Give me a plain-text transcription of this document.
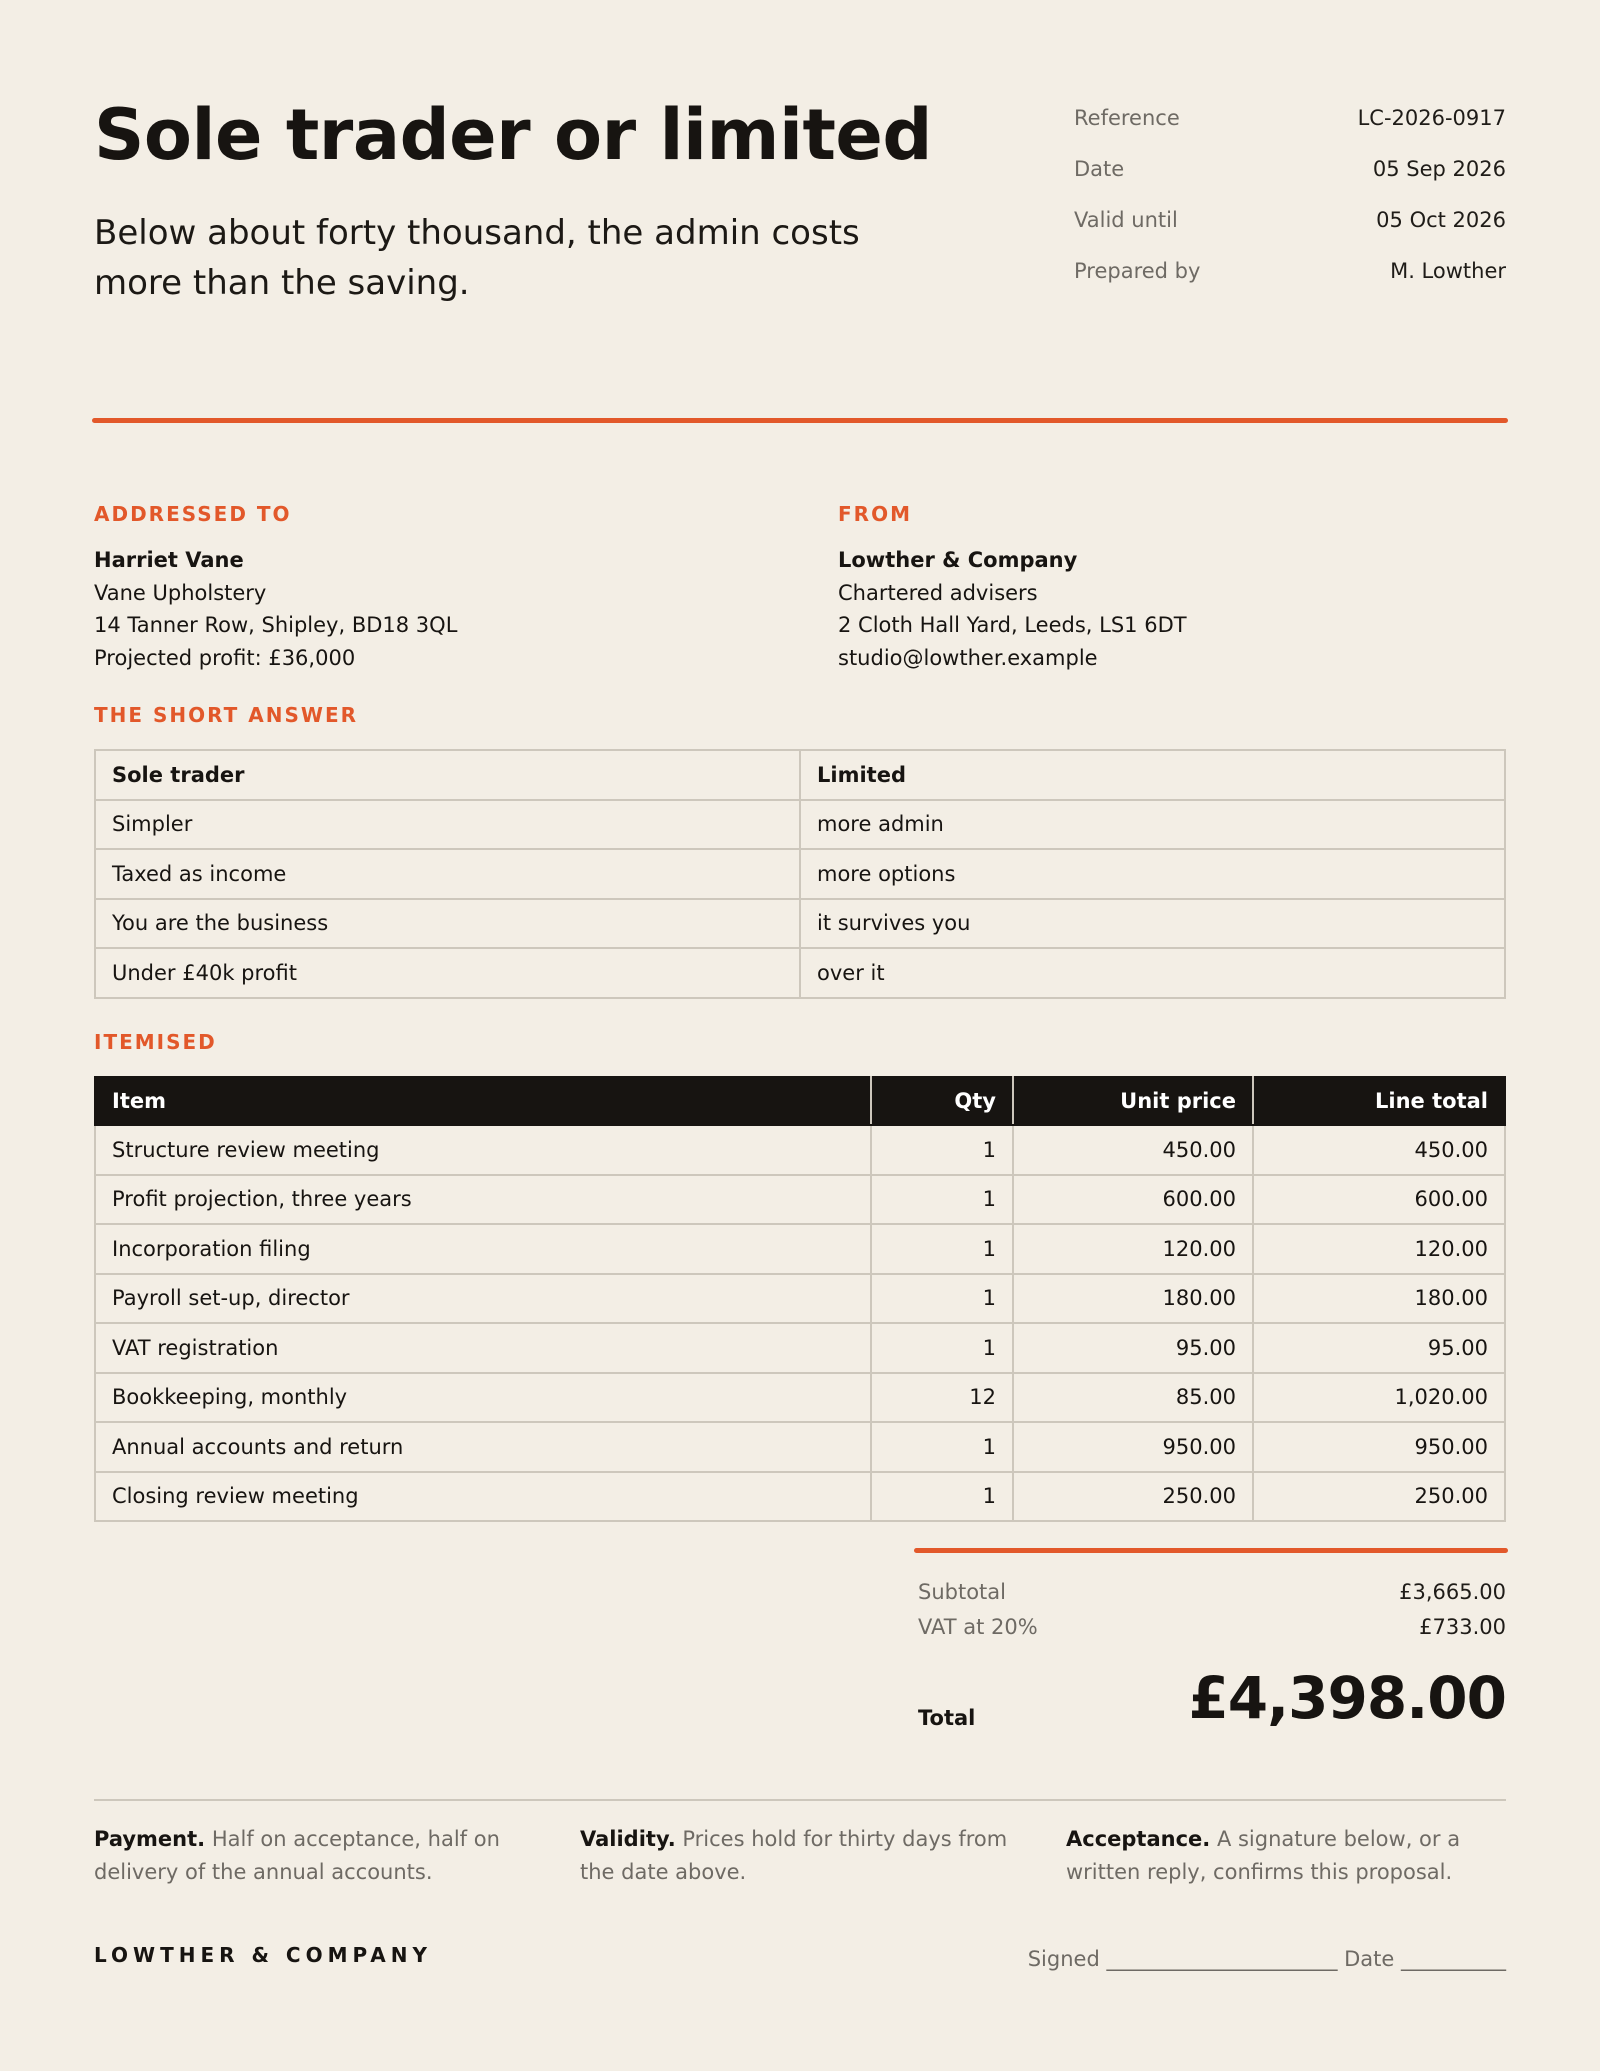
Sole trader or limited

Below about forty thousand, the admin costs more than the saving.

Reference	LC-2026-0917
Date	05 Sep 2026
Valid until	05 Oct 2026
Prepared by	M. Lowther
ADDRESSED TO
Harriet Vane
Vane Upholstery
14 Tanner Row, Shipley, BD18 3QL
Projected profit: £36,000
FROM
Lowther & Company
Chartered advisers
2 Cloth Hall Yard, Leeds, LS1 6DT
studio@lowther.example
THE SHORT ANSWER
Sole trader	Limited
Simpler	more admin
Taxed as income	more options
You are the business	it survives you
Under £40k profit	over it
ITEMISED
Item	Qty	Unit price	Line total
Structure review meeting	1	450.00	450.00
Profit projection, three years	1	600.00	600.00
Incorporation filing	1	120.00	120.00
Payroll set-up, director	1	180.00	180.00
VAT registration	1	95.00	95.00
Bookkeeping, monthly	12	85.00	1,020.00
Annual accounts and return	1	950.00	950.00
Closing review meeting	1	250.00	250.00
Subtotal	£3,665.00
VAT at 20%	£733.00
Total	£4,398.00
Payment. Half on acceptance, half on delivery of the annual accounts.
Validity. Prices hold for thirty days from the date above.
Acceptance. A signature below, or a written reply, confirms this proposal.
LOWTHER & COMPANY	Signed ______________________ Date __________
